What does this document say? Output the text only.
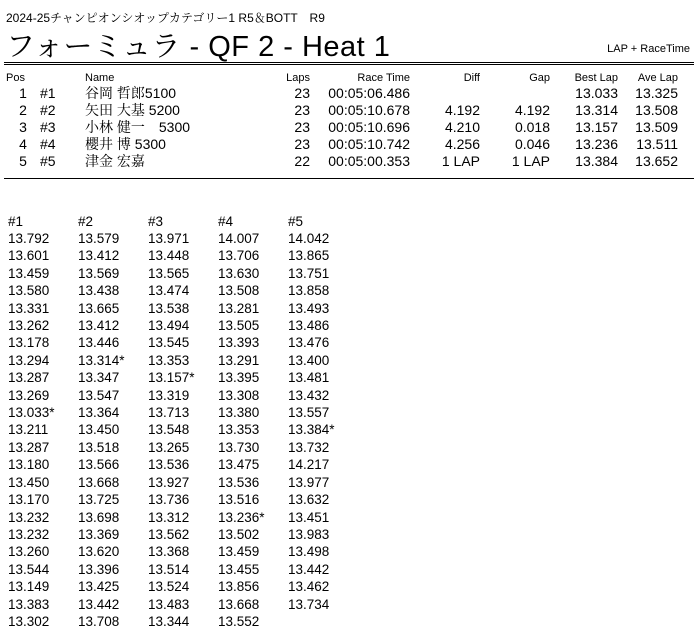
2024-25チャンピオンシオップカテゴリー1 R5＆BOTT　R9
フォーミュラ - QF 2 - Heat 1	LAP + RaceTime
Pos		Name	Laps	Race Time	Diff	Gap	Best Lap	Ave Lap
1	#1	谷岡 哲郎5100	23	00:05:06.486			13.033	13.325
2	#2	矢田 大基 5200	23	00:05:10.678	4.192	4.192	13.314	13.508
3	#3	小林 健一　5300	23	00:05:10.696	4.210	0.018	13.157	13.509
4	#4	櫻井 博 5300	23	00:05:10.742	4.256	0.046	13.236	13.511
5	#5	津金 宏嘉	22	00:05:00.353	1 LAP	1 LAP	13.384	13.652
#1	#2	#3	#4	#5
13.792	13.579	13.971	14.007	14.042
13.601	13.412	13.448	13.706	13.865
13.459	13.569	13.565	13.630	13.751
13.580	13.438	13.474	13.508	13.858
13.331	13.665	13.538	13.281	13.493
13.262	13.412	13.494	13.505	13.486
13.178	13.446	13.545	13.393	13.476
13.294	13.314*	13.353	13.291	13.400
13.287	13.347	13.157*	13.395	13.481
13.269	13.547	13.319	13.308	13.432
13.033*	13.364	13.713	13.380	13.557
13.211	13.450	13.548	13.353	13.384*
13.287	13.518	13.265	13.730	13.732
13.180	13.566	13.536	13.475	14.217
13.450	13.668	13.927	13.536	13.977
13.170	13.725	13.736	13.516	13.632
13.232	13.698	13.312	13.236*	13.451
13.232	13.369	13.562	13.502	13.983
13.260	13.620	13.368	13.459	13.498
13.544	13.396	13.514	13.455	13.442
13.149	13.425	13.524	13.856	13.462
13.383	13.442	13.483	13.668	13.734
13.302	13.708	13.344	13.552	
